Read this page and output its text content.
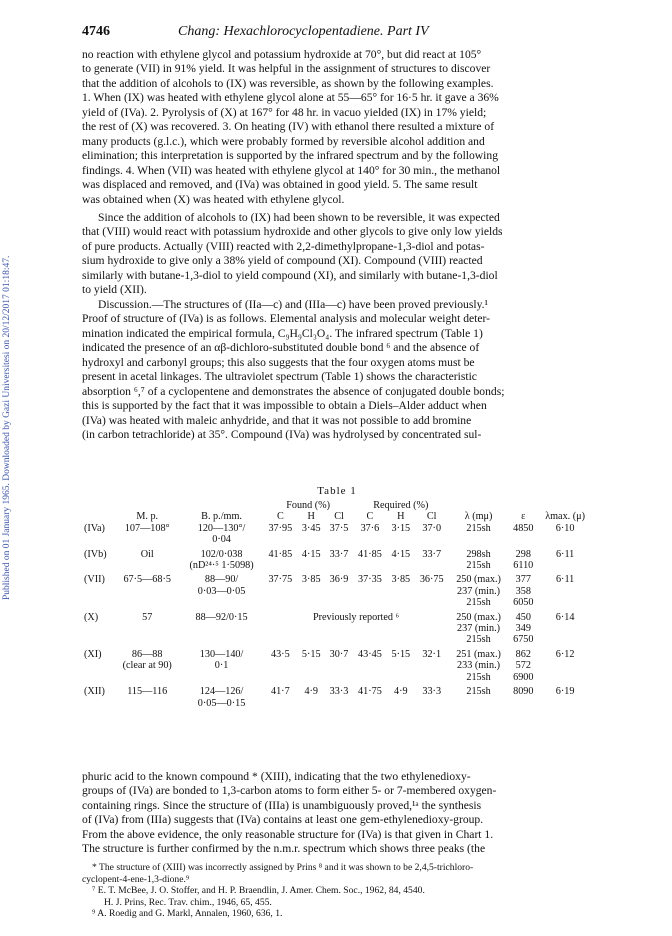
Published on 01 January 1965. Downloaded by Gazi Universitesi on 20/12/2017 01:18:47.
4746	Chang: Hexachlorocyclopentadiene. Part IV

no reaction with ethylene glycol and potassium hydroxide at 70°, but did react at 105°

to generate (VII) in 91% yield. It was helpful in the assignment of structures to discover

that the addition of alcohols to (IX) was reversible, as shown by the following examples.

1. When (IX) was heated with ethylene glycol alone at 55—65° for 16·5 hr. it gave a 36%

yield of (IVa). 2. Pyrolysis of (X) at 167° for 48 hr. in vacuo yielded (IX) in 17% yield;

the rest of (X) was recovered. 3. On heating (IV) with ethanol there resulted a mixture of

many products (g.l.c.), which were probably formed by reversible alcohol addition and

elimination; this interpretation is supported by the infrared spectrum and by the following

findings. 4. When (VII) was heated with ethylene glycol at 140° for 30 min., the methanol

was displaced and removed, and (IVa) was obtained in good yield. 5. The same result

was obtained when (X) was heated with ethylene glycol.

Since the addition of alcohols to (IX) had been shown to be reversible, it was expected

that (VIII) would react with potassium hydroxide and other glycols to give only low yields

of pure products. Actually (VIII) reacted with 2,2-dimethylpropane-1,3-diol and potas-

sium hydroxide to give only a 38% yield of compound (XI). Compound (VIII) reacted

similarly with butane-1,3-diol to yield compound (XI), and similarly with butane-1,3-diol

to yield (XII).

Discussion.—The structures of (IIa—c) and (IIIa—c) have been proved previously.¹

Proof of structure of (IVa) is as follows. Elemental analysis and molecular weight deter-

mination indicated the empirical formula, C₉H₉Cl₃O₄. The infrared spectrum (Table 1)

indicated the presence of an αβ-dichloro-substituted double bond ⁶ and the absence of

hydroxyl and carbonyl groups; this also suggests that the four oxygen atoms must be

present in acetal linkages. The ultraviolet spectrum (Table 1) shows the characteristic

absorption ⁶,⁷ of a cyclopentene and demonstrates the absence of conjugated double bonds;

this is supported by the fact that it was impossible to obtain a Diels–Alder adduct when

(IVa) was heated with maleic anhydride, and that it was not possible to add bromine

(in carbon tetrachloride) at 35°. Compound (IVa) was hydrolysed by concentrated sul-

Table 1
			Found (%)			Required (%)					
	M. p.	B. p./mm.	C	H	Cl	C	H	Cl	λ (mμ)	ε	λmax. (μ)
(IVa)	107—108°	120—130°/	37·95	3·45	37·5	37·6	3·15	37·0	215sh	4850	6·10
		0·04									
(IVb)	Oil	102/0·038	41·85	4·15	33·7	41·85	4·15	33·7	298sh	298	6·11
		(nD²⁴·⁵ 1·5098)							215sh	6110	
(VII)	67·5—68·5	88—90/	37·75	3·85	36·9	37·35	3·85	36·75	250 (max.)	377	6·11
		0·03—0·05							237 (min.)	358	
									215sh	6050	
(X)	57	88—92/0·15	Previously reported ⁶						250 (max.)	450	6·14
									237 (min.)	349	
									215sh	6750	
(XI)	86—88	130—140/	43·5	5·15	30·7	43·45	5·15	32·1	251 (max.)	862	6·12
	(clear at 90)	0·1							233 (min.)	572	
									215sh	6900	
(XII)	115—116	124—126/	41·7	4·9	33·3	41·75	4·9	33·3	215sh	8090	6·19
		0·05—0·15									

phuric acid to the known compound * (XIII), indicating that the two ethylenedioxy-

groups of (IVa) are bonded to 1,3-carbon atoms to form either 5- or 7-membered oxygen-

containing rings. Since the structure of (IIIa) is unambiguously proved,¹ᵃ the synthesis

of (IVa) from (IIIa) suggests that (IVa) contains at least one gem-ethylenedioxy-group.

From the above evidence, the only reasonable structure for (IVa) is that given in Chart 1.

The structure is further confirmed by the n.m.r. spectrum which shows three peaks (the

* The structure of (XIII) was incorrectly assigned by Prins ⁸ and it was shown to be 2,4,5-trichloro-
cyclopent-4-ene-1,3-dione.⁹
⁷ E. T. McBee, J. O. Stoffer, and H. P. Braendlin, J. Amer. Chem. Soc., 1962, 84, 4540.
H. J. Prins, Rec. Trav. chim., 1946, 65, 455.
⁹ A. Roedig and G. Markl, Annalen, 1960, 636, 1.
